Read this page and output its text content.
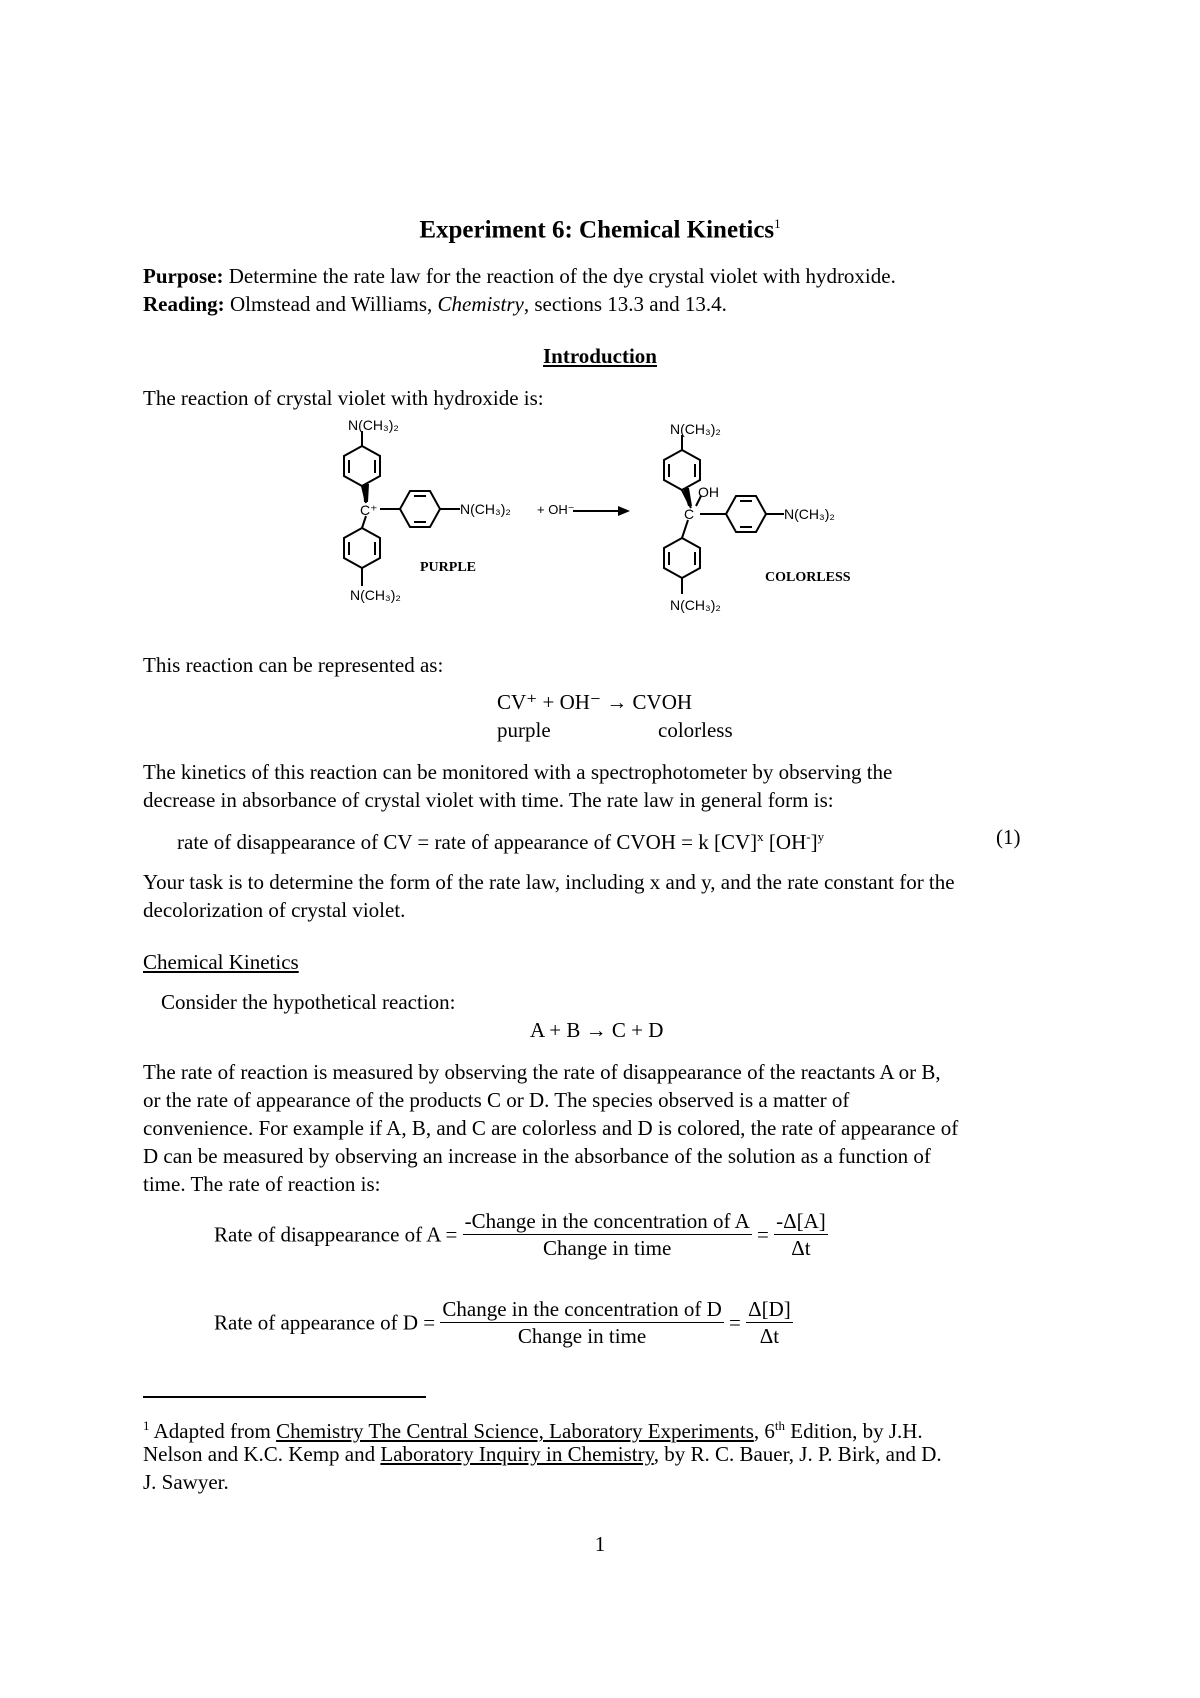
Experiment 6: Chemical Kinetics$^1$
Purpose: Determine the rate law for the reaction of the dye crystal violet with hydroxide.
Reading: Olmstead and Williams, Chemistry, sections 13.3 and 13.4.
Introduction
The reaction of crystal violet with hydroxide is:
N(CH₃)₂
C⁺	N(CH₃)₂ + OH⁻
N(CH₃)₂
PURPLE
N(CH₃)₂
OH
C	N(CH₃)₂
N(CH₃)₂
COLORLESS
This reaction can be represented as:
CV⁺ + OH⁻ → CVOH
purple	colorless
The kinetics of this reaction can be monitored with a spectrophotometer by observing the
decrease in absorbance of crystal violet with time. The rate law in general form is:
rate of disappearance of CV = rate of appearance of CVOH = k [CV]$^x$ $[OH^-]^y$	(1)
Your task is to determine the form of the rate law, including x and y, and the rate constant for the
decolorization of crystal violet.
Chemical Kinetics
Consider the hypothetical reaction:
A + B → C + D
The rate of reaction is measured by observing the rate of disappearance of the reactants A or B,
or the rate of appearance of the products C or D. The species observed is a matter of
convenience. For example if A, B, and C are colorless and D is colored, the rate of appearance of
D can be measured by observing an increase in the absorbance of the solution as a function of
time. The rate of reaction is:
Rate of disappearance of $A = \frac{\text{-Change in the concentration of A}}{\text{Change in time}} = \frac{-\Delta[A]}{\Delta t}$
Rate of appearance of $D = \frac{\text{Change in the concentration of D}}{\text{Change in time}} = \frac{\Delta[D]}{\Delta t}$
$^1$ Adapted from Chemistry The Central Science, Laboratory Experiments, 6th Edition, by J.H.
Nelson and K.C. Kemp and Laboratory Inquiry in Chemistry, by R. C. Bauer, J. P. Birk, and D.
J. Sawyer.
1
